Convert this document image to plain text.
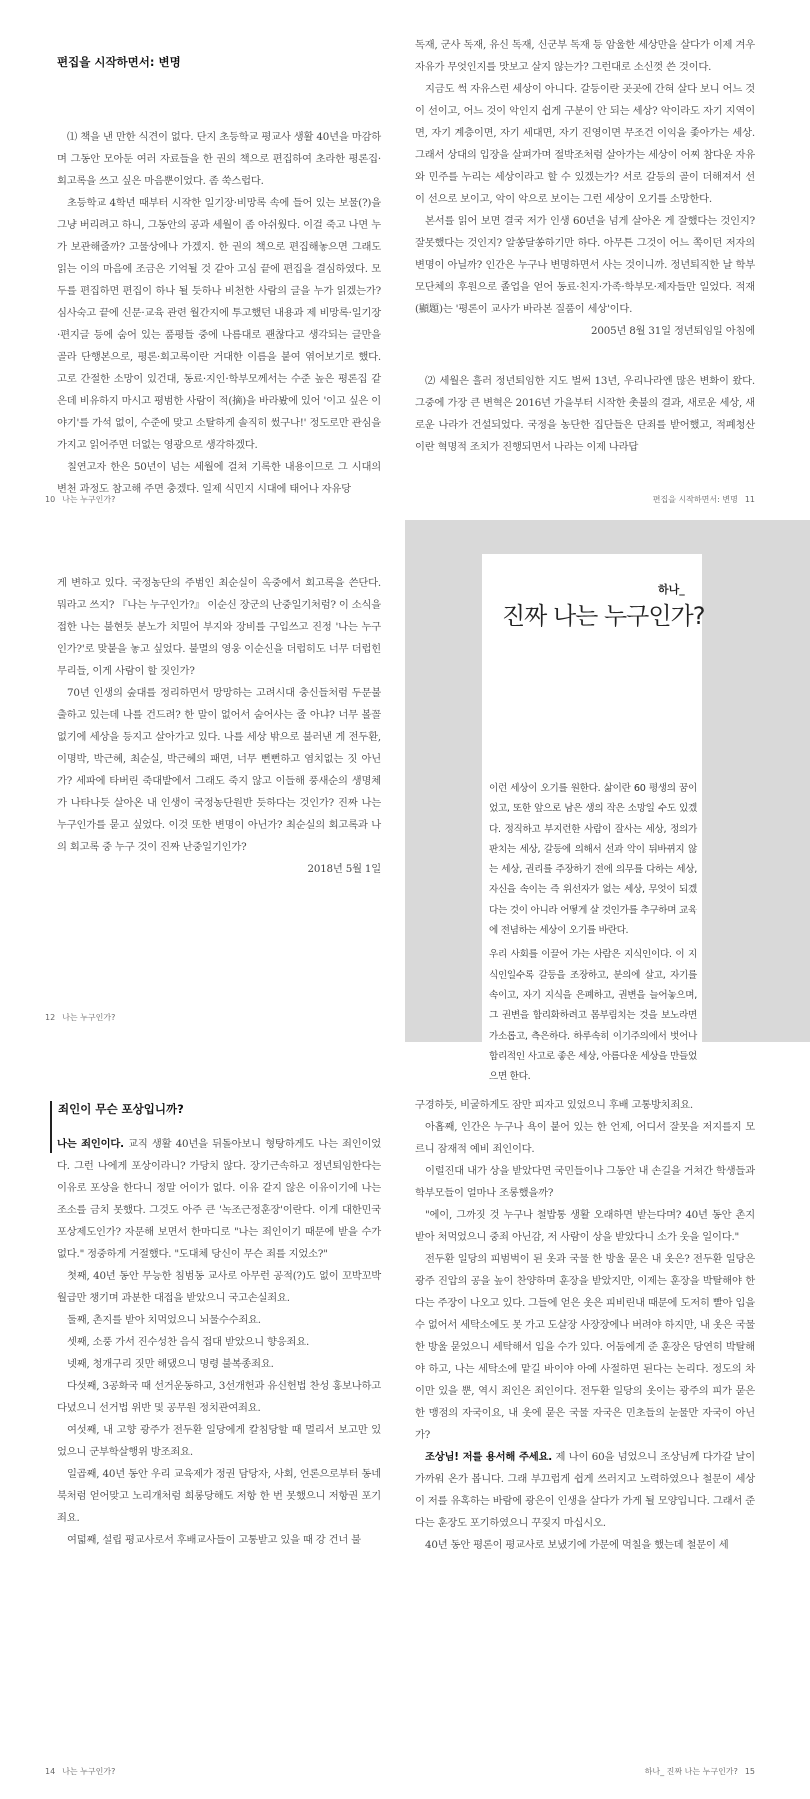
편집을 시작하면서: 변명

⑴ 책을 낸 만한 식견이 없다. 단지 초등학교 평교사 생활 40년을 마감하며 그동안 모아둔 여러 자료들을 한 권의 책으로 편집하여 초라한 평론집·회고록을 쓰고 싶은 마음뿐이었다. 좀 쑥스럽다.

초등학교 4학년 때부터 시작한 일기장·비망록 속에 들어 있는 보물(?)을 그냥 버리려고 하니, 그동안의 공과 세월이 좀 아쉬웠다. 이걸 죽고 나면 누가 보관해줄까? 고물상에나 가겠지. 한 권의 책으로 편집해놓으면 그래도 읽는 이의 마음에 조금은 기억될 것 같아 고심 끝에 편집을 결심하였다. 모두를 편집하면 편집이 하나 될 듯하나 비천한 사람의 글을 누가 읽겠는가? 심사숙고 끝에 신문·교육 관련 월간지에 투고했던 내용과 제 비망록·일기장·편지글 등에 숨어 있는 품평들 중에 나름대로 괜찮다고 생각되는 글만을 골라 단행본으로, 평론·회고록이란 거대한 이름을 붙여 엮어보기로 했다. 고로 간절한 소망이 있건대, 동료·지인·학부모께서는 수준 높은 평론집 같은데 비유하지 마시고 평범한 사람이 적(摘)을 바라봤에 있어 '이고 싶은 이야기'를 가석 없이, 수준에 맞고 소탈하게 솔직히 썼구나!' 정도로만 관심을 가지고 읽어주면 더없는 영광으로 생각하겠다.

칠연고자 한은 50년이 넘는 세월에 걸쳐 기록한 내용이므로 그 시대의 변천 과정도 참고해 주면 충겠다. 일제 식민지 시대에 태어나 자유당

10 나는 누구인가?

독재, 군사 독재, 유신 독재, 신군부 독재 등 암울한 세상만을 살다가 이제 겨우 자유가 무엇인지를 맛보고 살지 않는가? 그런대로 소신껏 쓴 것이다.

지금도 썩 자유스런 세상이 아니다. 갈등이란 곳곳에 간혀 살다 보니 어느 것이 선이고, 어느 것이 악인지 쉽게 구분이 안 되는 세상? 악이라도 자기 지역이면, 자기 계층이면, 자기 세대면, 자기 진영이면 무조건 이익을 좇아가는 세상. 그래서 상대의 입장을 살펴가며 절박조처럼 살아가는 세상이 어찌 참다운 자유와 민주를 누리는 세상이라고 할 수 있겠는가? 서로 갈등의 골이 더해져서 선이 선으로 보이고, 악이 악으로 보이는 그런 세상이 오기를 소망한다.

본서를 읽어 보면 결국 저가 인생 60년을 넘게 살아온 게 잘했다는 것인지? 잘못했다는 것인지? 알쏭달쏭하기만 하다. 아무튼 그것이 어느 쪽이던 저자의 변명이 아닐까? 인간은 누구나 변명하면서 사는 것이니까. 정년퇴직한 날 학부모단체의 후원으로 졸업을 얻어 동료·친지·가족·학부모·제자들만 일었다. 적재(顯題)는 '평론이 교사가 바라본 질품이 세상'이다.

2005년 8월 31일 정년퇴임일 아침에

⑵ 세월은 흘러 정년퇴임한 지도 벌써 13년, 우리나라엔 많은 변화이 왔다. 그중에 가장 큰 변혁은 2016년 가을부터 시작한 촛불의 결과, 새로운 세상, 새로운 나라가 건설되었다. 국정을 농단한 집단들은 단죄를 받어했고, 적폐청산이란 혁명적 조치가 진행되면서 나라는 이제 나라답

편집을 시작하면서: 변명 11

게 변하고 있다. 국정농단의 주범인 최순실이 옥중에서 회고록을 쓴단다. 뭐라고 쓰지? 『나는 누구인가?』 이순신 장군의 난중일기처럼? 이 소식을 접한 나는 불현듯 분노가 치밀어 부지와 장비를 구입쓰고 진정 '나는 누구인가?'로 맞붙을 놓고 싶었다. 불멸의 영웅 이순신을 더럽히도 너무 더럽힌 무리들, 이게 사람이 할 짓인가?

70년 인생의 숲대를 정리하면서 망망하는 고려시대 충신들처럼 두문불출하고 있는데 나를 건드려? 한 말이 없어서 숨어사는 줄 아냐? 너무 볼꼴없기에 세상을 등지고 살아가고 있다. 나를 세상 밖으로 불러낸 게 전두환, 이명박, 박근혜, 최순실, 박근혜의 패면, 너무 뻔뻔하고 염치없는 짓 아닌가? 세파에 타버린 죽대밭에서 그래도 죽지 않고 이들해 풍새순의 생명체가 나타나듯 살아온 내 인생이 국정농단원반 듯하다는 것인가? 진짜 나는 누구인가를 묻고 싶었다. 이것 또한 변명이 아닌가? 최순실의 회고록과 나의 회고록 중 누구 것이 진짜 난중일기인가?

2018년 5월 1일

12 나는 누구인가?
하나_
진짜 나는 누구인가?

이런 세상이 오기를 원한다. 삶이란 60 평생의 꿈이었고, 또한 앞으로 남은 생의 작은 소망일 수도 있겠다. 정직하고 부지런한 사람이 잘사는 세상, 정의가 판치는 세상, 갈등에 의해서 선과 악이 뒤바뀌지 않는 세상, 권리를 주장하기 전에 의무를 다하는 세상, 자신을 속이는 즉 위선자가 없는 세상, 무엇이 되겠다는 것이 아니라 어떻게 살 것인가를 추구하며 교육에 전념하는 세상이 오기를 바란다.

우리 사회를 이끌어 가는 사람은 지식인이다. 이 지식인일수록 갈등을 조장하고, 분의에 살고, 자기를 속이고, 자기 지식을 은폐하고, 권변을 늘어놓으며, 그 권변을 합리화하려고 몸부림치는 것을 보노라면 가소롭고, 측은하다. 하루속히 이기주의에서 벗어나 합리적인 사고로 좋은 세상, 아름다운 세상을 만들었으면 한다.

죄인이 무슨 포상입니까?

나는 죄인이다. 교직 생활 40년을 뒤돌아보니 형탕하게도 나는 죄인이었다. 그런 나에게 포상이라니? 가당치 않다. 장기근속하고 정년퇴임한다는 이유로 포상을 한다니 정말 어이가 없다. 이유 같지 않은 이유이기에 나는 조소를 금치 못했다. 그것도 아주 큰 '녹조근정훈장'이란다. 이게 대한민국 포상제도인가? 자문해 보면서 한마디로 "나는 죄인이기 때문에 받을 수가 없다." 정중하게 거절했다. "도대체 당신이 무슨 죄를 지었소?"

첫째, 40년 동안 무능한 침범동 교사로 아무런 공적(?)도 없이 꼬박꼬박 월급만 챙기며 과분한 대접을 받았으니 국고손실죄요.

둘째, 촌지를 받아 치먹었으니 뇌물수수죄요.

셋째, 소풍 가서 진수성찬 음식 접대 받았으니 향응죄요.

넷째, 청개구리 짓만 해댔으니 명령 불복종죄요.

다섯째, 3공화국 때 선거운동하고, 3선개헌과 유신헌법 찬성 홍보나하고 다녔으니 선거법 위반 및 공무원 정치관여죄요.

여섯째, 내 고향 광주가 전두환 일당에게 칼침당할 때 멀리서 보고만 있었으니 군부학살행위 방조죄요.

일곱째, 40년 동안 우리 교육제가 정권 담당자, 사회, 언론으로부터 동네북처럼 얻어맞고 노리개처럼 희롱당해도 저항 한 번 못했으니 저항권 포기죄요.

여덟째, 설립 평교사로서 후배교사들이 고통받고 있을 때 강 건너 불

14 나는 누구인가?

구경하듯, 비굴하게도 잠만 피자고 있었으니 후배 고통방치죄요.

아홉째, 인간은 누구나 욕이 붙어 있는 한 언제, 어디서 잘못을 저지를지 모르니 잠재적 예비 죄인이다.

이럴진대 내가 상을 받았다면 국민들이나 그동안 내 손길을 거쳐간 학생들과 학부모들이 얼마나 조롱했을까?

"에이, 그까짓 것 누구나 철밥통 생활 오래하면 받는다며? 40년 동안 촌지 받아 처먹었으니 중죄 아닌감, 저 사람이 상을 받았다니 소가 웃을 일이다."

전두환 일당의 피범벅이 된 옷과 국물 한 방울 묻은 내 옷은? 전두환 일당은 광주 진압의 공을 높이 찬양하며 훈장을 받았지만, 이제는 훈장을 박탈해야 한다는 주장이 나오고 있다. 그들에 얻은 옷은 피비린내 때문에 도저히 빨아 입을 수 없어서 세탁소에도 못 가고 도살장 사장장에나 버려야 하지만, 내 옷은 국물 한 방울 묻었으니 세탁해서 입을 수가 있다. 어둠에게 준 훈장은 당연히 박탈해야 하고, 나는 세탁소에 맡길 바이야 아예 사절하면 된다는 논리다. 정도의 차이만 있을 뿐, 역시 죄인은 죄인이다. 전두환 일당의 옷이는 광주의 피가 묻은 한 맹점의 자국이요, 내 옷에 묻은 국물 자국은 민초들의 눈물만 자국이 아닌가?

조상님! 저를 용서해 주세요. 제 나이 60을 넘었으니 조상님께 다가갈 날이 가까워 온가 봅니다. 그래 부끄럽게 쉽게 쓰러지고 노력하였으나 철문이 세상이 저를 유혹하는 바람에 광은이 인생을 살다가 가게 될 모양입니다. 그래서 준다는 훈장도 포기하였으니 꾸짖지 마십시오.

40년 동안 평론이 평교사로 보냈기에 가문에 먹칠을 했는데 철문이 세

하나_ 진짜 나는 누구인가? 15
